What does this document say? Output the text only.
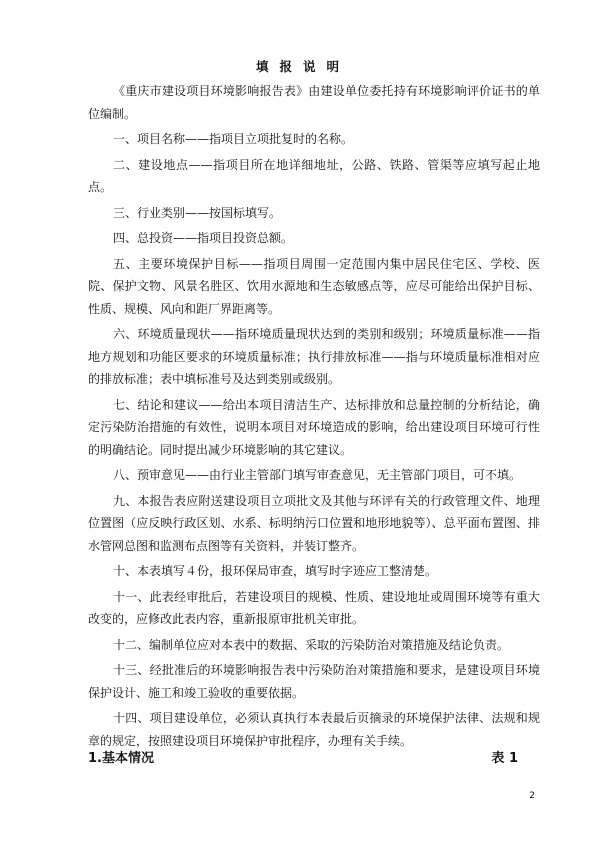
填报说明

《重庆市建设项目环境影响报告表》由建设单位委托持有环境影响评价证书的单位编制。

一、项目名称——指项目立项批复时的名称。

二、建设地点——指项目所在地详细地址，公路、铁路、管渠等应填写起止地点。

三、行业类别——按国标填写。

四、总投资——指项目投资总额。

五、主要环境保护目标——指项目周围一定范围内集中居民住宅区、学校、医院、保护文物、风景名胜区、饮用水源地和生态敏感点等，应尽可能给出保护目标、性质、规模、风向和距厂界距离等。

六、环境质量现状——指环境质量现状达到的类别和级别；环境质量标准——指地方规划和功能区要求的环境质量标准；执行排放标准——指与环境质量标准相对应的排放标准；表中填标准号及达到类别或级别。

七、结论和建议——给出本项目清洁生产、达标排放和总量控制的分析结论，确定污染防治措施的有效性，说明本项目对环境造成的影响，给出建设项目环境可行性的明确结论。同时提出减少环境影响的其它建议。

八、预审意见——由行业主管部门填写审查意见，无主管部门项目，可不填。

九、本报告表应附送建设项目立项批文及其他与环评有关的行政管理文件、地理位置图（应反映行政区划、水系、标明纳污口位置和地形地貌等）、总平面布置图、排水管网总图和监测布点图等有关资料，并装订整齐。

十、本表填写４份，报环保局审查，填写时字迹应工整清楚。

十一、此表经审批后，若建设项目的规模、性质、建设地址或周围环境等有重大改变的，应修改此表内容，重新报原审批机关审批。

十二、编制单位应对本表中的数据、采取的污染防治对策措施及结论负责。

十三、经批准后的环境影响报告表中污染防治对策措施和要求，是建设项目环境保护设计、施工和竣工验收的重要依据。

十四、项目建设单位，必须认真执行本表最后页摘录的环境保护法律、法规和规章的规定，按照建设项目环境保护审批程序，办理有关手续。

1.基本情况	表 1
2
